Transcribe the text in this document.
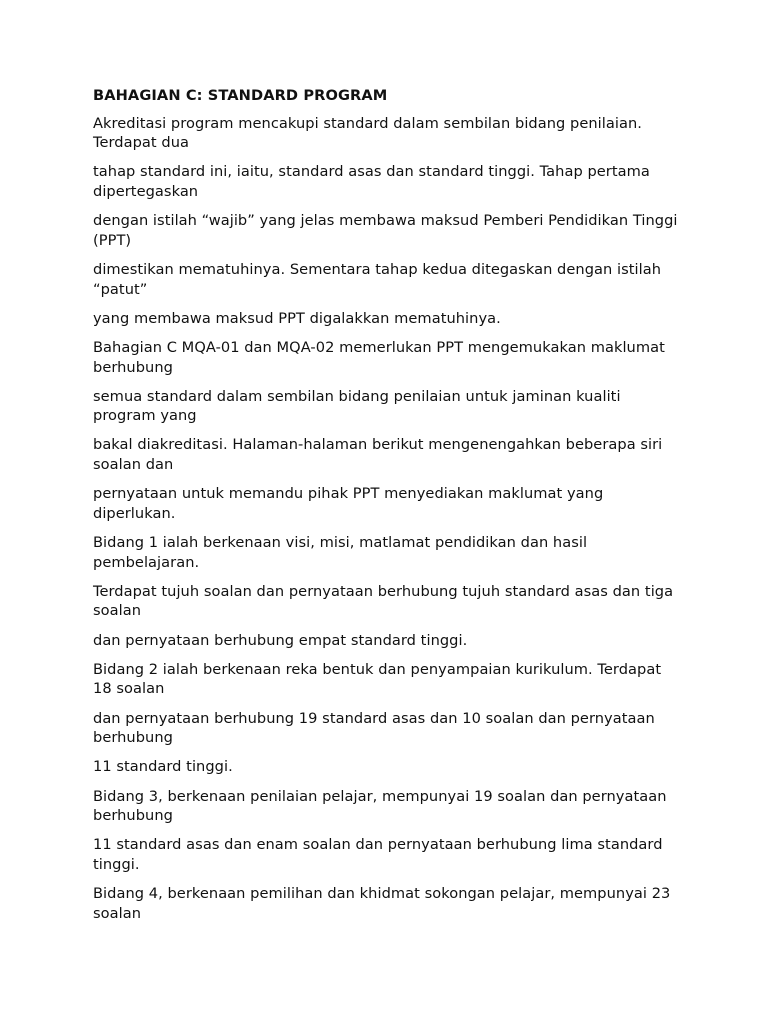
BAHAGIAN C: STANDARD PROGRAM
Akreditasi program mencakupi standard dalam sembilan bidang penilaian. Terdapat dua
tahap standard ini, iaitu, standard asas dan standard tinggi. Tahap pertama dipertegaskan
dengan istilah “wajib” yang jelas membawa maksud Pemberi Pendidikan Tinggi (PPT)
dimestikan mematuhinya. Sementara tahap kedua ditegaskan dengan istilah “patut”
yang membawa maksud PPT digalakkan mematuhinya.
Bahagian C MQA-01 dan MQA-02 memerlukan PPT mengemukakan maklumat berhubung
semua standard dalam sembilan bidang penilaian untuk jaminan kualiti program yang
bakal diakreditasi. Halaman-halaman berikut mengenengahkan beberapa siri soalan dan
pernyataan untuk memandu pihak PPT menyediakan maklumat yang diperlukan.
Bidang 1 ialah berkenaan visi, misi, matlamat pendidikan dan hasil pembelajaran.
Terdapat tujuh soalan dan pernyataan berhubung tujuh standard asas dan tiga soalan
dan pernyataan berhubung empat standard tinggi.
Bidang 2 ialah berkenaan reka bentuk dan penyampaian kurikulum. Terdapat 18 soalan
dan pernyataan berhubung 19 standard asas dan 10 soalan dan pernyataan berhubung
11 standard tinggi.
Bidang 3, berkenaan penilaian pelajar, mempunyai 19 soalan dan pernyataan berhubung
11 standard asas dan enam soalan dan pernyataan berhubung lima standard tinggi.
Bidang 4, berkenaan pemilihan dan khidmat sokongan pelajar, mempunyai 23 soalan
